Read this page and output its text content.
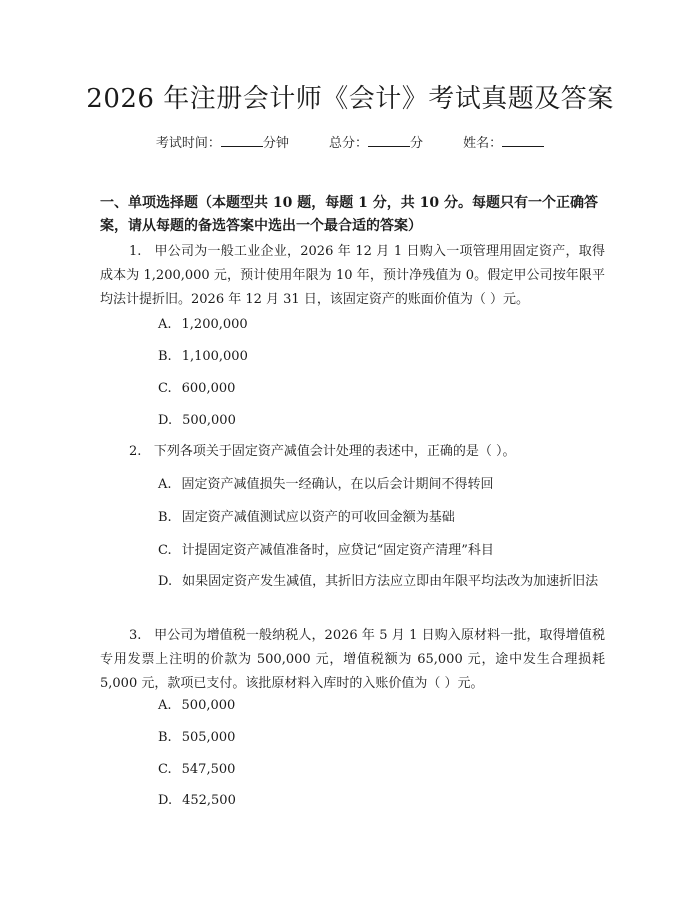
2026 年注册会计师《会计》考试真题及答案
考试时间：	分钟	总分：	分	姓名：
一、单项选择题（本题型共 10 题，每题 1 分，共 10 分。每题只有一个正确答案，请从每题的备选答案中选出一个最合适的答案）
1. 甲公司为一般工业企业，2026 年 12 月 1 日购入一项管理用固定资产，取得成本为 1,200,000 元，预计使用年限为 10 年，预计净残值为 0。假定甲公司按年限平均法计提折旧。2026 年 12 月 31 日，该固定资产的账面价值为（ ）元。
A. 1,200,000
B. 1,100,000
C. 600,000
D. 500,000
2. 下列各项关于固定资产减值会计处理的表述中，正确的是（ ）。
A. 固定资产减值损失一经确认，在以后会计期间不得转回
B. 固定资产减值测试应以资产的可收回金额为基础
C. 计提固定资产减值准备时，应贷记“固定资产清理”科目
D. 如果固定资产发生减值，其折旧方法应立即由年限平均法改为加速折旧法
3. 甲公司为增值税一般纳税人，2026 年 5 月 1 日购入原材料一批，取得增值税专用发票上注明的价款为 500,000 元，增值税额为 65,000 元，途中发生合理损耗 5,000 元，款项已支付。该批原材料入库时的入账价值为（ ）元。
A. 500,000
B. 505,000
C. 547,500
D. 452,500
